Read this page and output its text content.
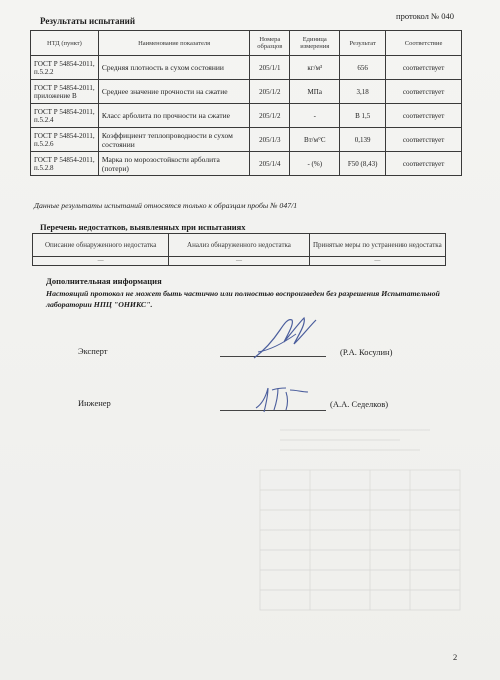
протокол № 040
Результаты испытаний
НТД (пункт)	Наименование показателя	Номера образцов	Единица измерения	Результат	Соответствие
ГОСТ Р 54854-2011, п.5.2.2	Средняя плотность в сухом состоянии	205/1/1	кг/м³	656	соответствует
ГОСТ Р 54854-2011, приложение В	Среднее значение прочности на сжатие	205/1/2	МПа	3,18	соответствует
ГОСТ Р 54854-2011, п.5.2.4	Класс арболита по прочности на сжатие	205/1/2	-	В 1,5	соответствует
ГОСТ Р 54854-2011, п.5.2.6	Коэффициент теплопроводности в сухом состоянии	205/1/3	Вт/м°С	0,139	соответствует
ГОСТ Р 54854-2011, п.5.2.8	Марка по морозостойкости арболита (потери)	205/1/4	- (%)	F50 (8,43)	соответствует
Данные результаты испытаний относятся только к образцам пробы № 047/1
Перечень недостатков, выявленных при испытаниях
Описание обнаруженного недостатка	Анализ обнаруженного недостатка	Принятые меры по устранению недостатка
—	—	—
Дополнительная информация
Настоящий протокол не может быть частично или полностью воспроизведен без разрешения Испытательной лаборатории НПЦ "ОНИКС".
Эксперт	(Р.А. Косулин)
Инженер	(А.А. Седелков)
2
